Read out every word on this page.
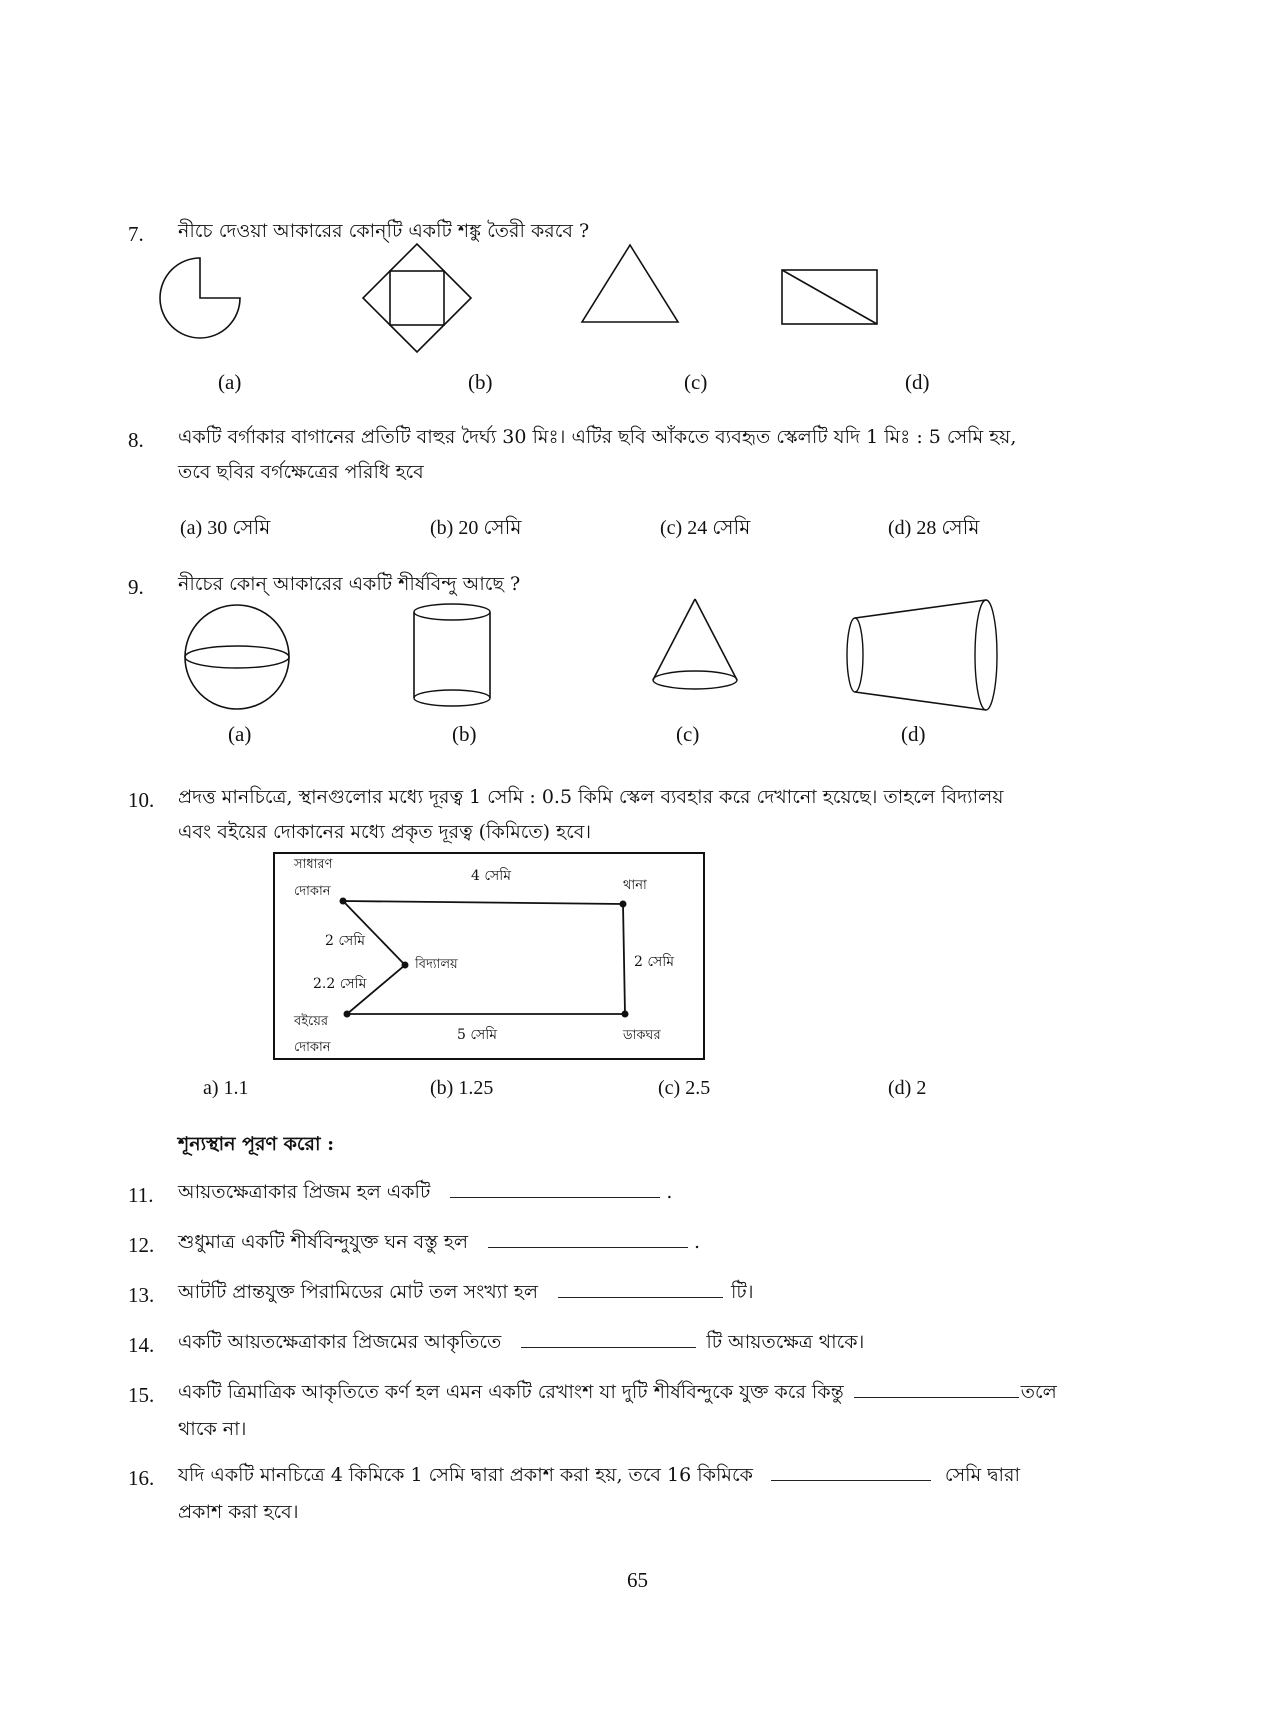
7. নীচে দেওয়া আকারের কোন্‌টি একটি শঙ্কু তৈরী করবে ?
(a)	(b)	(c)	(d)
8. একটি বর্গাকার বাগানের প্রতিটি বাহুর দৈর্ঘ্য 30 মিঃ। এটির ছবি আঁকতে ব্যবহৃত স্কেলটি যদি 1 মিঃ : 5 সেমি হয়,
তবে ছবির বর্গক্ষেত্রের পরিধি হবে
(a) 30 সেমি	(b) 20 সেমি	(c) 24 সেমি	(d) 28 সেমি
9. নীচের কোন্‌ আকারের একটি শীর্ষবিন্দু আছে ?
(a)	(b)	(c)	(d)
10. প্রদত্ত মানচিত্রে, স্থানগুলোর মধ্যে দূরত্ব 1 সেমি : 0.5 কিমি স্কেল ব্যবহার করে দেখানো হয়েছে। তাহলে বিদ্যালয়
এবং বইয়ের দোকানের মধ্যে প্রকৃত দূরত্ব (কিমিতে) হবে।
সাধারণ
দোকান
4 সেমি
থানা
2 সেমি
বিদ্যালয়	2 সেমি
2.2 সেমি
বইয়ের
দোকান
5 সেমি	ডাকঘর
a) 1.1	(b) 1.25	(c) 2.5	(d) 2
শূন্যস্থান পূরণ করো :
11. আয়তক্ষেত্রাকার প্রিজম হল একটি	.
12. শুধুমাত্র একটি শীর্ষবিন্দুযুক্ত ঘন বস্তু হল	.
13. আটটি প্রান্তযুক্ত পিরামিডের মোট তল সংখ্যা হল	টি।
14. একটি আয়তক্ষেত্রাকার প্রিজমের আকৃতিতে	টি আয়তক্ষেত্র থাকে।
15. একটি ত্রিমাত্রিক আকৃতিতে কর্ণ হল এমন একটি রেখাংশ যা দুটি শীর্ষবিন্দুকে যুক্ত করে কিন্তু	তলে
থাকে না।
16. যদি একটি মানচিত্রে 4 কিমিকে 1 সেমি দ্বারা প্রকাশ করা হয়, তবে 16 কিমিকে	সেমি দ্বারা
প্রকাশ করা হবে।
65
